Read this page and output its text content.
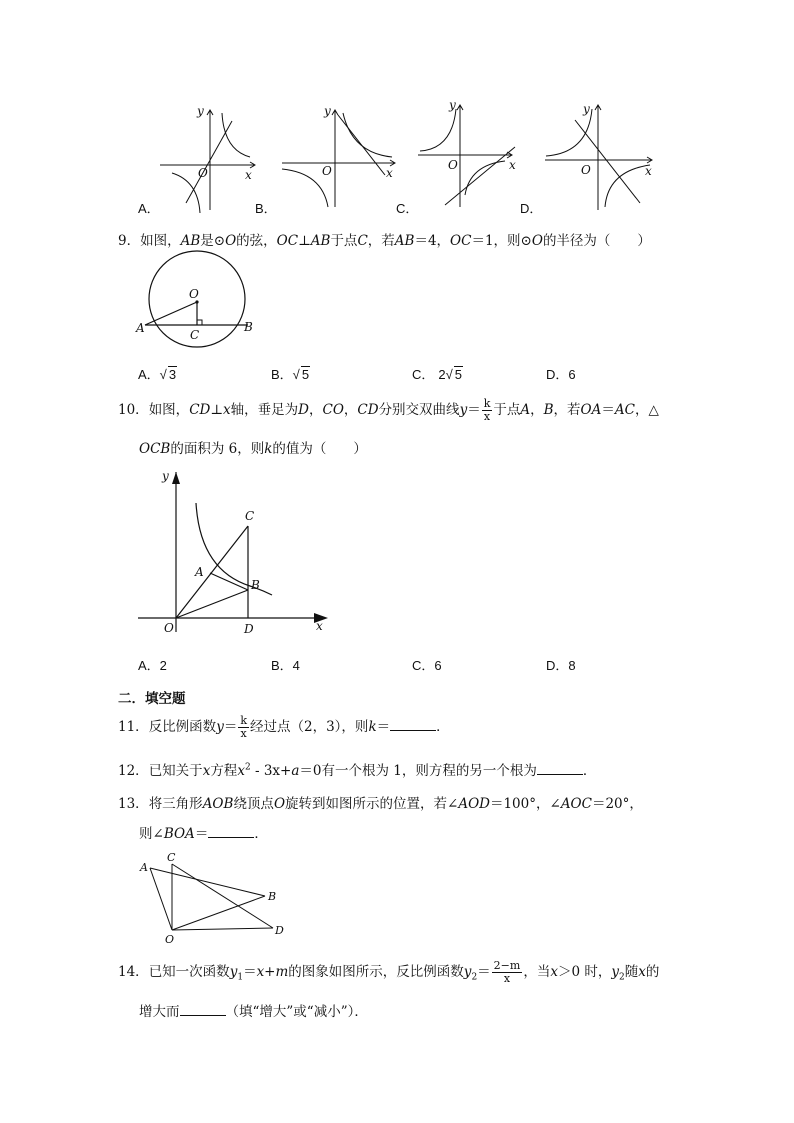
y
x
O
y
x
O
y
x
O
y
x
O
A．	B．	C．	D．
9．如图，AB是⊙O的弦，OC⊥AB于点C，若AB＝4，OC＝1，则⊙O的半径为（　　）
O
A	B
C
A．√ 3	B．√ 5	C． 2√ 5	D．6
10．如图，CD⊥x轴，垂足为D，CO，CD分别交双曲线$y= \frac{k}{x}$ 于点A，B，若OA＝AC，△
OCB的面积为 6，则k的值为（　　）
y
C
A
B
O	D	x
A．2	B．4	C．6	D．8
二．填空题
11．反比例函数$y= \frac{k}{x}$ 经过点（2，3），则k＝	．
12．已知关于x方程$x^2 - 3x+a=0$有一个根为 1，则方程的另一个根为	．
13．将三角形AOB绕顶点O旋转到如图所示的位置，若∠AOD＝100°，∠AOC＝20°，
则∠BOA＝	．
A
C
B
O
D
14．已知一次函数$y_1=x+m$的图象如图所示，反比例函数$y_2= \frac{2-m}{x}$ ，当x＞0 时，$y_2$随x的
增大而	（填“增大”或“减小”）．
